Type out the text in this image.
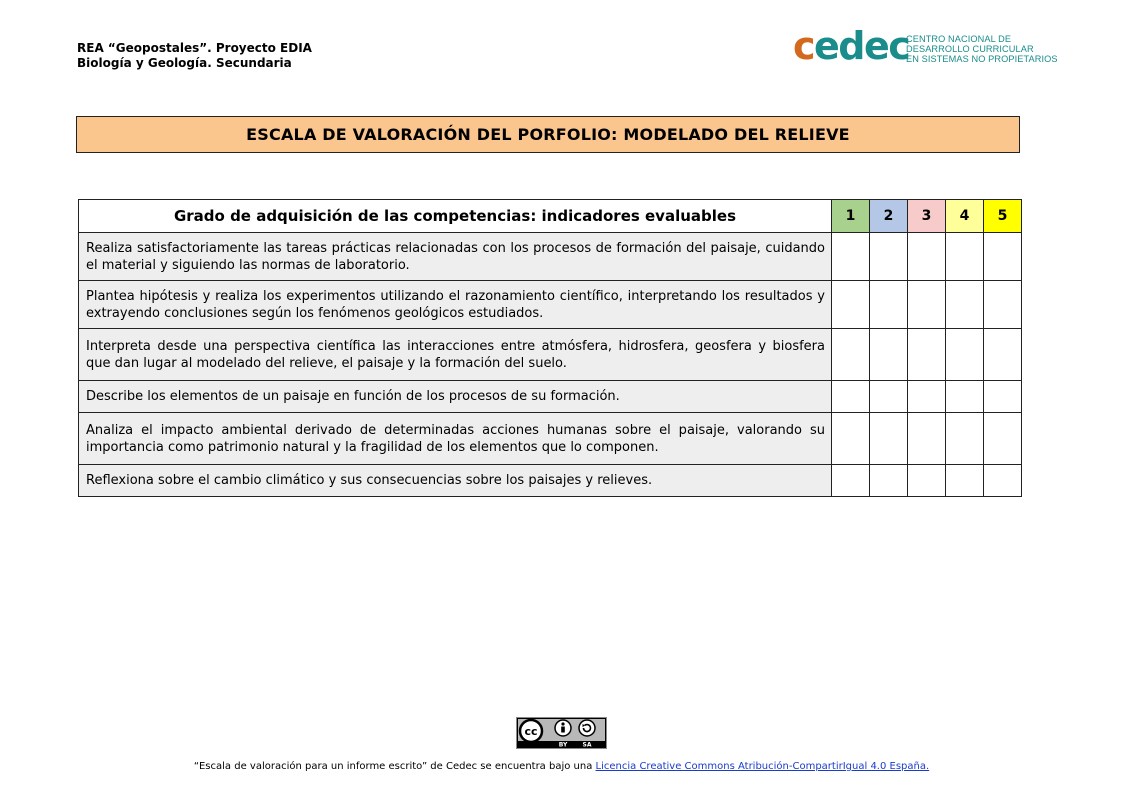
REA “Geopostales”. Proyecto EDIA
Biología y Geología. Secundaria	cedec
CENTRO NACIONAL DE
DESARROLLO CURRICULAR
EN SISTEMAS NO PROPIETARIOS
ESCALA DE VALORACIÓN DEL PORFOLIO: MODELADO DEL RELIEVE
Grado de adquisición de las competencias: indicadores evaluables	1	2	3	4	5
Realiza satisfactoriamente las tareas prácticas relacionadas con los procesos de formación del paisaje, cuidando el material y siguiendo las normas de laboratorio.					
Plantea hipótesis y realiza los experimentos utilizando el razonamiento científico, interpretando los resultados y extrayendo conclusiones según los fenómenos geológicos estudiados.					
Interpreta desde una perspectiva científica las interacciones entre atmósfera, hidrosfera, geosfera y biosfera que dan lugar al modelado del relieve, el paisaje y la formación del suelo.					
Describe los elementos de un paisaje en función de los procesos de su formación.					
Analiza el impacto ambiental derivado de determinadas acciones humanas sobre el paisaje, valorando su importancia como patrimonio natural y la fragilidad de los elementos que lo componen.					
Reflexiona sobre el cambio climático y sus consecuencias sobre los paisajes y relieves.					
cc
BY	SA
“Escala de valoración para un informe escrito” de Cedec se encuentra bajo una Licencia Creative Commons Atribución-CompartirIgual 4.0 España.
